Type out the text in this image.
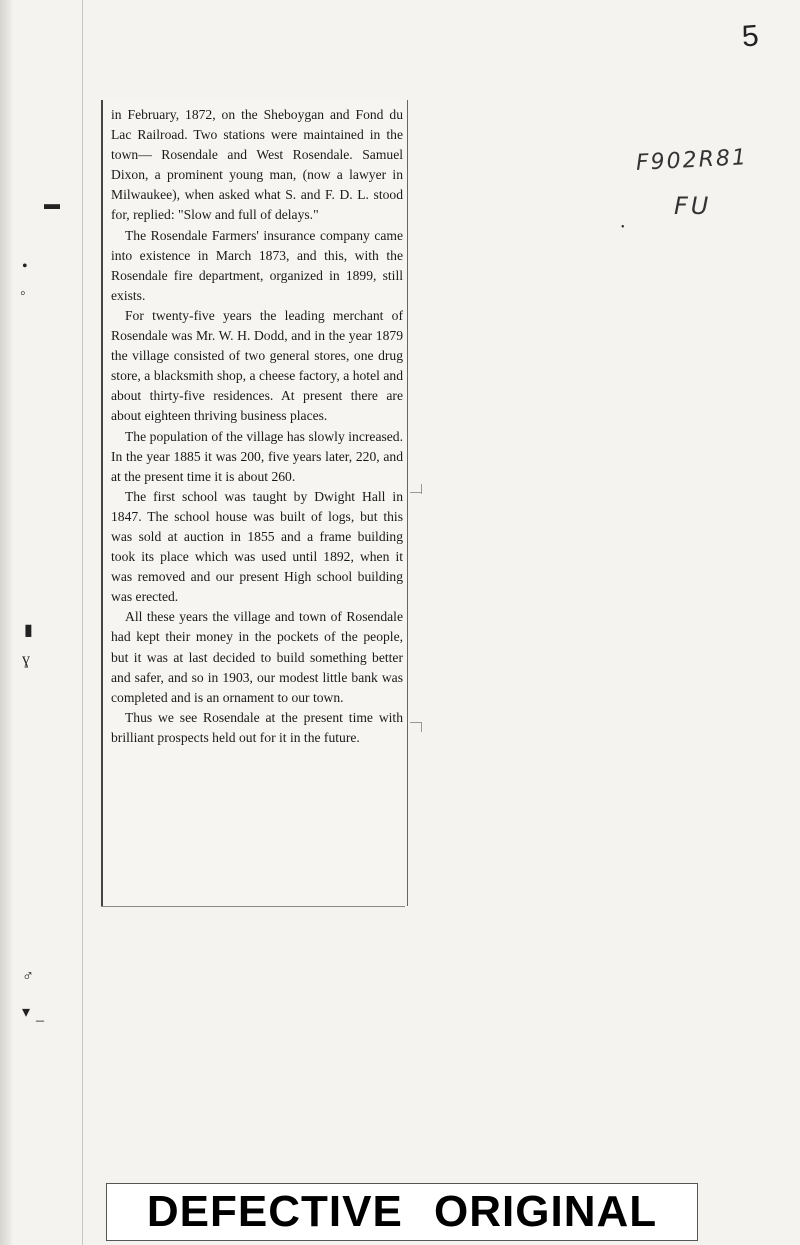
5
F902R81
FU
▬
•
◦
▮
ɣ
♂
▾ ‒
•

in February, 1872, on the Sheboygan and Fond du Lac Railroad. Two stations were maintained in the town— Rosendale and West Rosendale. Samuel Dixon, a prominent young man, (now a lawyer in Milwaukee), when asked what S. and F. D. L. stood for, replied: "Slow and full of delays."

The Rosendale Farmers' insurance company came into existence in March 1873, and this, with the Rosendale fire department, organized in 1899, still exists.

For twenty-five years the leading merchant of Rosendale was Mr. W. H. Dodd, and in the year 1879 the village consisted of two general stores, one drug store, a blacksmith shop, a cheese factory, a hotel and about thirty-five residences. At present there are about eighteen thriving business places.

The population of the village has slowly increased. In the year 1885 it was 200, five years later, 220, and at the present time it is about 260.

The first school was taught by Dwight Hall in 1847. The school house was built of logs, but this was sold at auction in 1855 and a frame building took its place which was used until 1892, when it was removed and our present High school building was erected.

All these years the village and town of Rosendale had kept their money in the pockets of the people, but it was at last decided to build something better and safer, and so in 1903, our modest little bank was completed and is an ornament to our town.

Thus we see Rosendale at the present time with brilliant prospects held out for it in the future.

DEFECTIVE ORIGINAL
